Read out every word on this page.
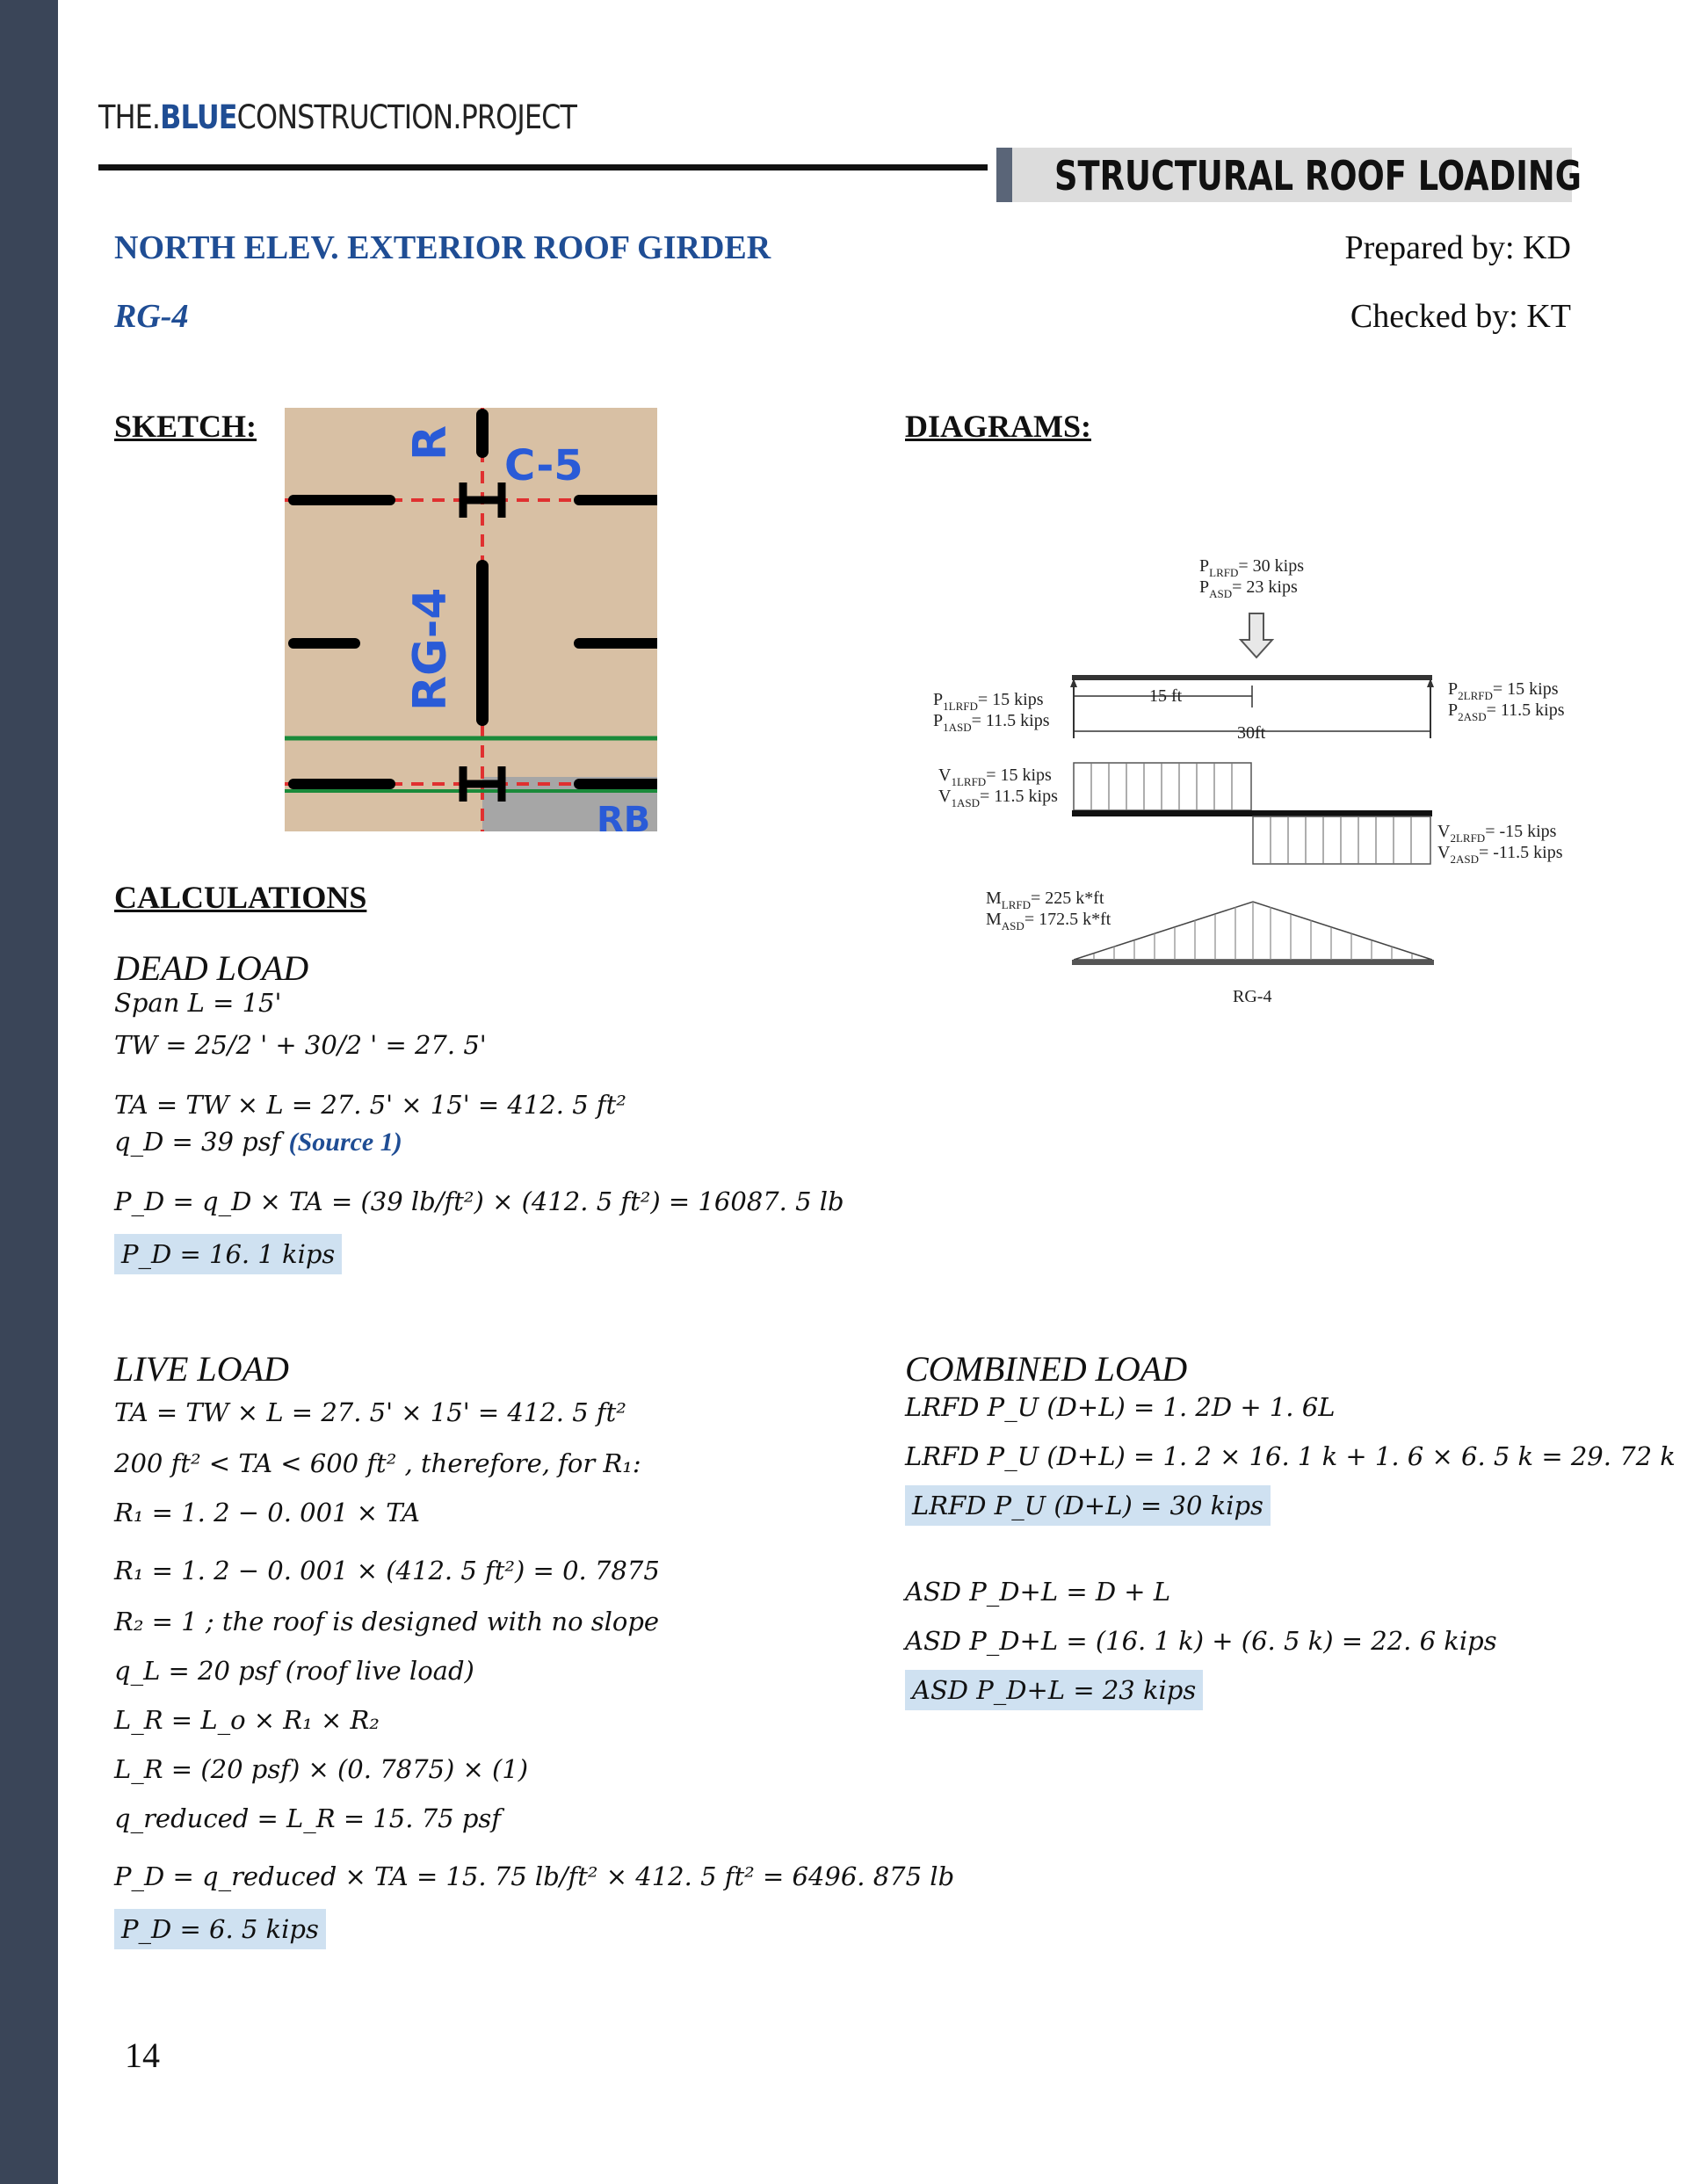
THE.BLUECONSTRUCTION.PROJECT
STRUCTURAL ROOF LOADING
NORTH ELEV. EXTERIOR ROOF GIRDER
RG-4
Prepared by: KD
Checked by: KT
SKETCH:	DIAGRAMS:
RG-4
C-5
RB
R
$P_{LRFD}= 30$ kips
$P_{ASD}= 23$ kips
15 ft
30ft
$P_{1LRFD}= 15$ kips
$P_{1ASD}= 11.5$ kips
$P_{2LRFD}= 15$ kips
$P_{2ASD}= 11.5$ kips
$V_{1LRFD}= 15$ kips
$V_{1ASD}= 11.5$ kips
$V_{2LRFD}= -15$ kips
$V_{2ASD}= -11.5$ kips
$M_{LRFD}= 225$ k*ft
$M_{ASD}= 172.5$ k*ft
RG-4
CALCULATIONS
DEAD LOAD
Span L = 15'
TW = 25/2 ' + 30/2 ' = 27. 5'
TA = TW × L = 27. 5' × 15' = 412. 5 ft²
q_D = 39 psf (Source 1)
P_D = q_D × TA = (39 lb/ft²) × (412. 5 ft²) = 16087. 5 lb
P_D = 16. 1 kips
LIVE LOAD
TA = TW × L = 27. 5' × 15' = 412. 5 ft²
200 ft² < TA < 600 ft² , therefore, for R₁:
R₁ = 1. 2 − 0. 001 × TA
R₁ = 1. 2 − 0. 001 × (412. 5 ft²) = 0. 7875
R₂ = 1 ; the roof is designed with no slope
q_L = 20 psf (roof live load)
L_R = L_o × R₁ × R₂
L_R = (20 psf) × (0. 7875) × (1)
q_reduced = L_R = 15. 75 psf
P_D = q_reduced × TA = 15. 75 lb/ft² × 412. 5 ft² = 6496. 875 lb
P_D = 6. 5 kips
COMBINED LOAD
LRFD P_U (D+L) = 1. 2D + 1. 6L
LRFD P_U (D+L) = 1. 2 × 16. 1 k + 1. 6 × 6. 5 k = 29. 72 k
LRFD P_U (D+L) = 30 kips
ASD P_D+L = D + L
ASD P_D+L = (16. 1 k) + (6. 5 k) = 22. 6 kips
ASD P_D+L = 23 kips
14
